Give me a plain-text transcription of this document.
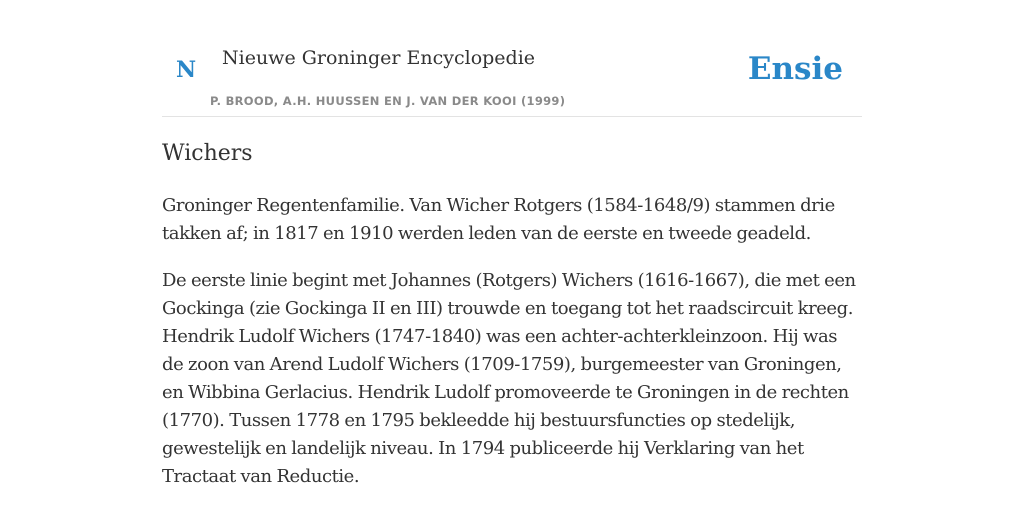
N Nieuwe Groninger Encyclopedie
P. BROOD, A.H. HUUSSEN EN J. VAN DER KOOI (1999)
Ensie
Wichers

Groninger Regentenfamilie. Van Wicher Rotgers (1584-1648/9) stammen drie takken af; in 1817 en 1910 werden leden van de eerste en tweede geadeld.

De eerste linie begint met Johannes (Rotgers) Wichers (1616-1667), die met een Gockinga (zie Gockinga II en III) trouwde en toegang tot het raadscircuit kreeg. Hendrik Ludolf Wichers (1747-1840) was een achter-achterkleinzoon. Hij was de zoon van Arend Ludolf Wichers (1709-1759), burgemeester van Groningen, en Wibbina Gerlacius. Hendrik Ludolf promoveerde te Groningen in de rechten (1770). Tussen 1778 en 1795 bekleedde hij bestuursfuncties op stedelijk, gewestelijk en landelijk niveau. In 1794 publiceerde hij Verklaring van het Tractaat van Reductie.
